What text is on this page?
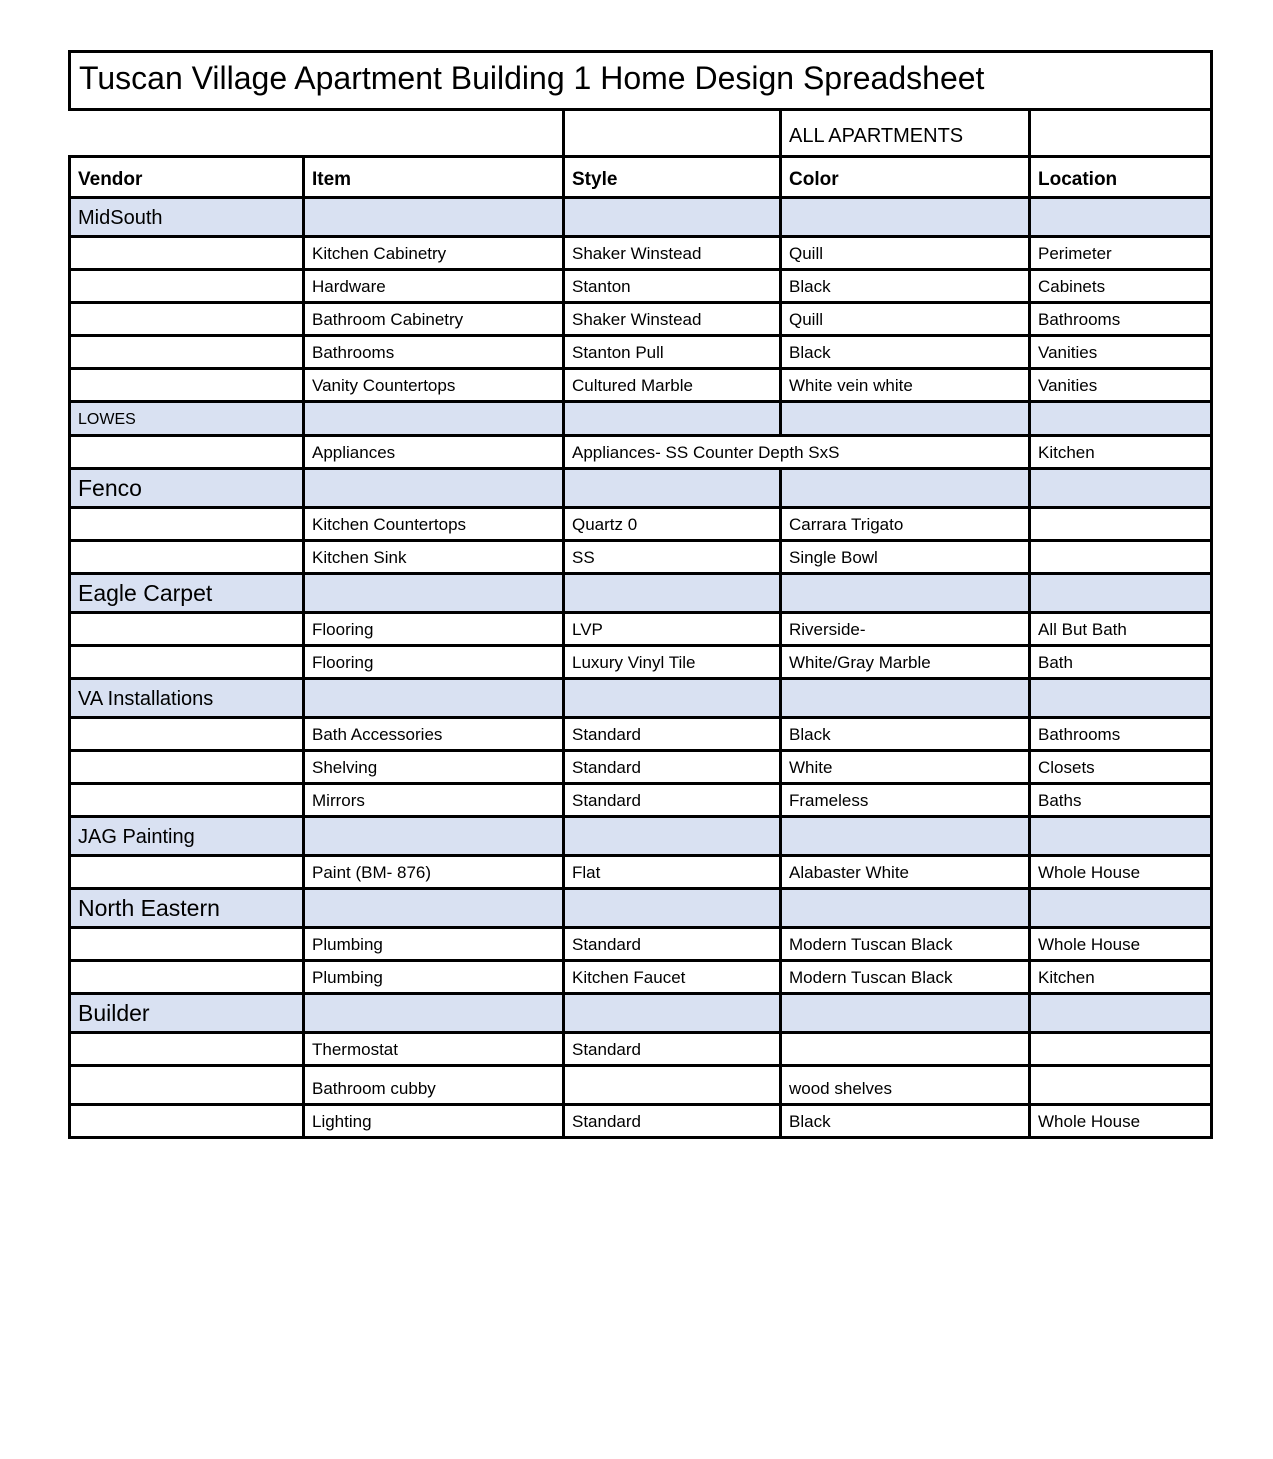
Tuscan Village Apartment Building 1 Home Design Spreadsheet				
			ALL APARTMENTS	
Vendor	Item	Style	Color	Location
MidSouth				
	Kitchen Cabinetry	Shaker Winstead	Quill	Perimeter
	Hardware	Stanton	Black	Cabinets
	Bathroom Cabinetry	Shaker Winstead	Quill	Bathrooms
	Bathrooms	Stanton Pull	Black	Vanities
	Vanity Countertops	Cultured Marble	White vein white	Vanities
LOWES				
	Appliances	Appliances- SS Counter Depth SxS		Kitchen
Fenco				
	Kitchen Countertops	Quartz 0	Carrara Trigato	
	Kitchen Sink	SS	Single Bowl	
Eagle Carpet				
	Flooring	LVP	Riverside-	All But Bath
	Flooring	Luxury Vinyl Tile	White/Gray Marble	Bath
VA Installations				
	Bath Accessories	Standard	Black	Bathrooms
	Shelving	Standard	White	Closets
	Mirrors	Standard	Frameless	Baths
JAG Painting				
	Paint (BM- 876)	Flat	Alabaster White	Whole House
North Eastern				
	Plumbing	Standard	Modern Tuscan Black	Whole House
	Plumbing	Kitchen Faucet	Modern Tuscan Black	Kitchen
Builder				
	Thermostat	Standard		
	Bathroom cubby		wood shelves	
	Lighting	Standard	Black	Whole House
